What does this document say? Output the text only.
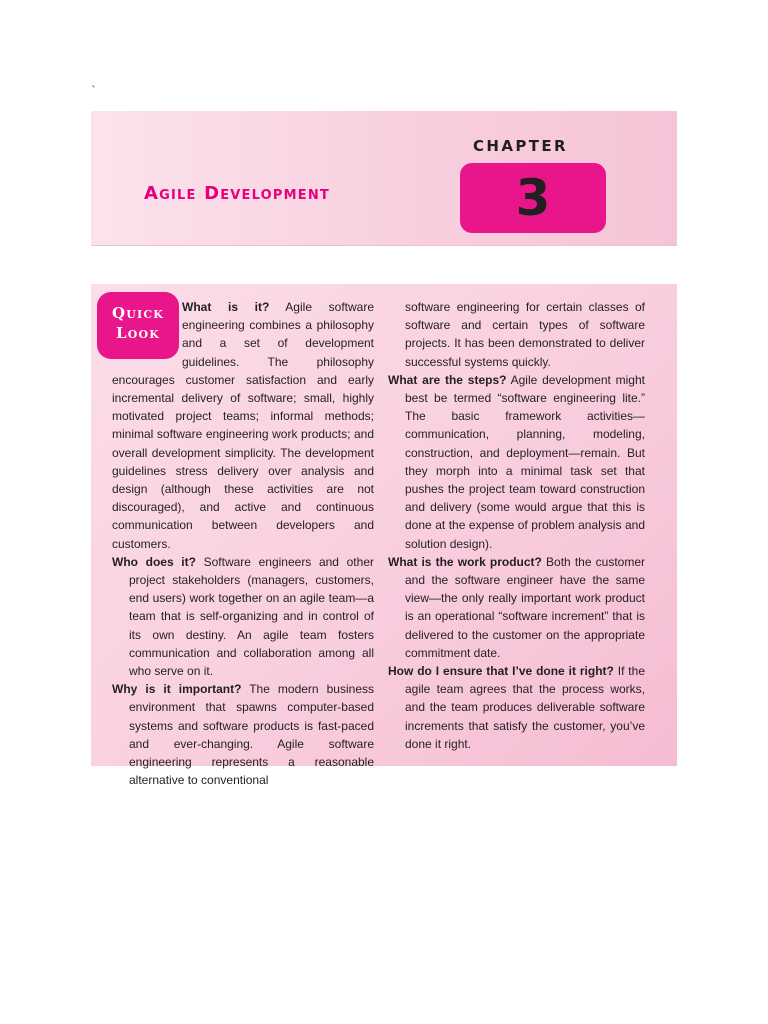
`
CHAPTER
Agile Development	3

What is it? Agile software engineering combines a philosophy and a set of development guidelines. The philosophy encourages customer satisfaction and early incremental delivery of software; small, highly motivated project teams; informal methods; minimal software engineering work products; and overall development simplicity. The development guidelines stress delivery over analysis and design (although these activities are not discouraged), and active and continuous communication between developers and customers.

Who does it? Software engineers and other project stakeholders (managers, customers, end users) work together on an agile team—a team that is self-organizing and in control of its own destiny. An agile team fosters communication and collaboration among all who serve on it.

Why is it important? The modern business environment that spawns computer-based systems and software products is fast-paced and ever-changing. Agile software engineering represents a reasonable alternative to conventional

Quick
Look

software engineering for certain classes of software and certain types of software projects. It has been demonstrated to deliver successful systems quickly.

What are the steps? Agile development might best be termed “software engineering lite.” The basic framework activities—communication, planning, modeling, construction, and deployment—remain. But they morph into a minimal task set that pushes the project team toward construction and delivery (some would argue that this is done at the expense of problem analysis and solution design).

What is the work product? Both the customer and the software engineer have the same view—the only really important work product is an operational “software increment” that is delivered to the customer on the appropriate commitment date.

How do I ensure that I’ve done it right? If the agile team agrees that the process works, and the team produces deliverable software increments that satisfy the customer, you’ve done it right.
